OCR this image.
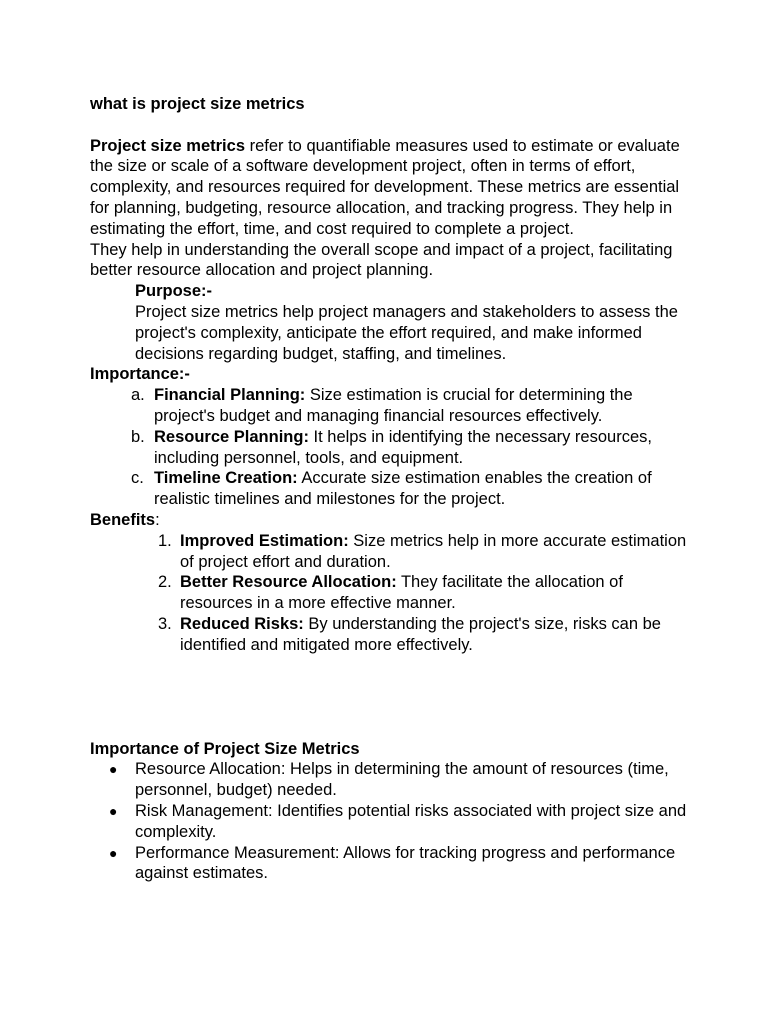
what is project size metrics

Project size metrics refer to quantifiable measures used to estimate or evaluate the size or scale of a software development project, often in terms of effort, complexity, and resources required for development. These metrics are essential for planning, budgeting, resource allocation, and tracking progress. They help in estimating the effort, time, and cost required to complete a project.

They help in understanding the overall scope and impact of a project, facilitating better resource allocation and project planning.

Purpose:-

Project size metrics help project managers and stakeholders to assess the project's complexity, anticipate the effort required, and make informed decisions regarding budget, staffing, and timelines.

Importance:-

a. Financial Planning: Size estimation is crucial for determining the project's budget and managing financial resources effectively.
b. Resource Planning: It helps in identifying the necessary resources, including personnel, tools, and equipment.
c. Timeline Creation: Accurate size estimation enables the creation of realistic timelines and milestones for the project.

Benefits:

1. Improved Estimation: Size metrics help in more accurate estimation of project effort and duration.
2. Better Resource Allocation: They facilitate the allocation of resources in a more effective manner.
3. Reduced Risks: By understanding the project's size, risks can be identified and mitigated more effectively.

Importance of Project Size Metrics

● Resource Allocation: Helps in determining the amount of resources (time, personnel, budget) needed.
● Risk Management: Identifies potential risks associated with project size and complexity.
● Performance Measurement: Allows for tracking progress and performance against estimates.
